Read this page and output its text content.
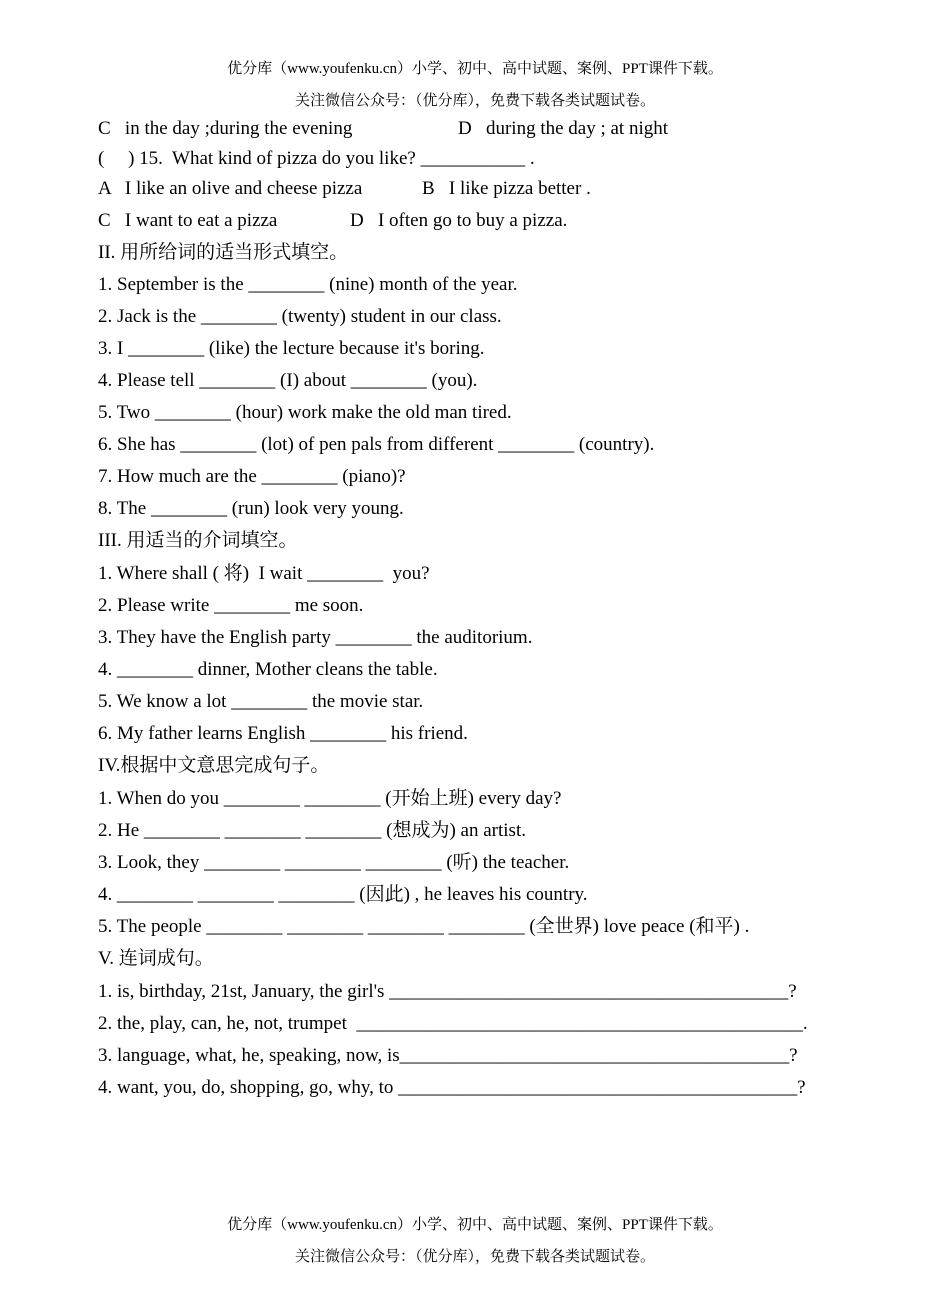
优分库（www.youfenku.cn）小学、初中、高中试题、案例、PPT课件下载。
关注微信公众号：（优分库），免费下载各类试题试卷。
C   in the day ;during the evening	D   during the day ; at night
(     ) 15.  What kind of pizza do you like? ___________ .
A   I like an olive and cheese pizza	B   I like pizza better .
C   I want to eat a pizza	D   I often go to buy a pizza.
II. 用所给词的适当形式填空。
1. September is the ________ (nine) month of the year.
2. Jack is the ________ (twenty) student in our class.
3. I ________ (like) the lecture because it's boring.
4. Please tell ________ (I) about ________ (you).
5. Two ________ (hour) work make the old man tired.
6. She has ________ (lot) of pen pals from different ________ (country).
7. How much are the ________ (piano)?
8. The ________ (run) look very young.
III. 用适当的介词填空。
1. Where shall ( 将)  I wait ________  you?
2. Please write ________ me soon.
3. They have the English party ________ the auditorium.
4. ________ dinner, Mother cleans the table.
5. We know a lot ________ the movie star.
6. My father learns English ________ his friend.
IV.根据中文意思完成句子。
1. When do you ________ ________ (开始上班) every day?
2. He ________ ________ ________ (想成为) an artist.
3. Look, they ________ ________ ________ (听) the teacher.
4. ________ ________ ________ (因此) , he leaves his country.
5. The people ________ ________ ________ ________ (全世界) love peace (和平) .
V. 连词成句。
1. is, birthday, 21st, January, the girl's __________________________________________?
2. the, play, can, he, not, trumpet  _______________________________________________.
3. language, what, he, speaking, now, is_________________________________________?
4. want, you, do, shopping, go, why, to __________________________________________?
优分库（www.youfenku.cn）小学、初中、高中试题、案例、PPT课件下载。
关注微信公众号：（优分库），免费下载各类试题试卷。
